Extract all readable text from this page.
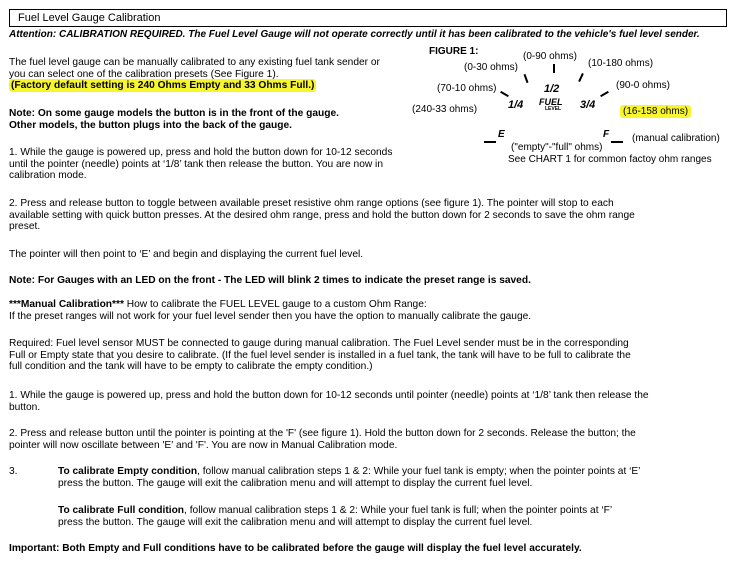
Fuel Level Gauge Calibration
Attention: CALIBRATION REQUIRED. The Fuel Level Gauge will not operate correctly until it has been calibrated to the vehicle's fuel level sender.
The fuel level gauge can be manually calibrated to any existing fuel tank sender or
you can select one of the calibration presets (See Figure 1).
(Factory default setting is 240 Ohms Empty and 33 Ohms Full.)
Note: On some gauge models the button is in the front of the gauge.
Other models, the button plugs into the back of the gauge.
1. While the gauge is powered up, press and hold the button down for 10-12 seconds
until the pointer (needle) points at ‘1/8’ tank then release the button. You are now in
calibration mode.
2. Press and release button to toggle between available preset resistive ohm range options (see figure 1). The pointer will stop to each available setting with quick button presses. At the desired ohm range, press and hold the button down for 2 seconds to save the ohm range preset.
The pointer will then point to ‘E’ and begin and displaying the current fuel level.
Note: For Gauges with an LED on the front - The LED will blink 2 times to indicate the preset range is saved.
***Manual Calibration*** How to calibrate the FUEL LEVEL gauge to a custom Ohm Range:
If the preset ranges will not work for your fuel level sender then you have the option to manually calibrate the gauge.
Required: Fuel level sensor MUST be connected to gauge during manual calibration. The Fuel Level sender must be in the corresponding Full or Empty state that you desire to calibrate. (If the fuel level sender is installed in a fuel tank, the tank will have to be full to calibrate the full condition and the tank will have to be empty to calibrate the empty condition.)
1. While the gauge is powered up, press and hold the button down for 10-12 seconds until pointer (needle) points at ‘1/8’ tank then release the button.
2. Press and release button until the pointer is pointing at the 'F' (see figure 1). Hold the button down for 2 seconds. Release the button; the pointer will now oscillate between 'E' and 'F'. You are now in Manual Calibration mode.
3.	To calibrate Empty condition, follow manual calibration steps 1 & 2: While your fuel tank is empty; when the pointer points at ‘E’
press the button. The gauge will exit the calibration menu and will attempt to display the current fuel level.
To calibrate Full condition, follow manual calibration steps 1 & 2: While your fuel tank is full; when the pointer points at ‘F’
press the button. The gauge will exit the calibration menu and will attempt to display the current fuel level.
Important: Both Empty and Full conditions have to be calibrated before the gauge will display the fuel level accurately.
FIGURE 1:	(0-90 ohms)
(0-30 ohms)	(10-180 ohms)
(70-10 ohms)	(90-0 ohms)
(240-33 ohms)	(16-158 ohms)
(manual calibration)
1/2
1/4	3/4
FUEL
LEVEL
E	F
("empty"-"full" ohms)
See CHART 1 for common factoy ohm ranges
